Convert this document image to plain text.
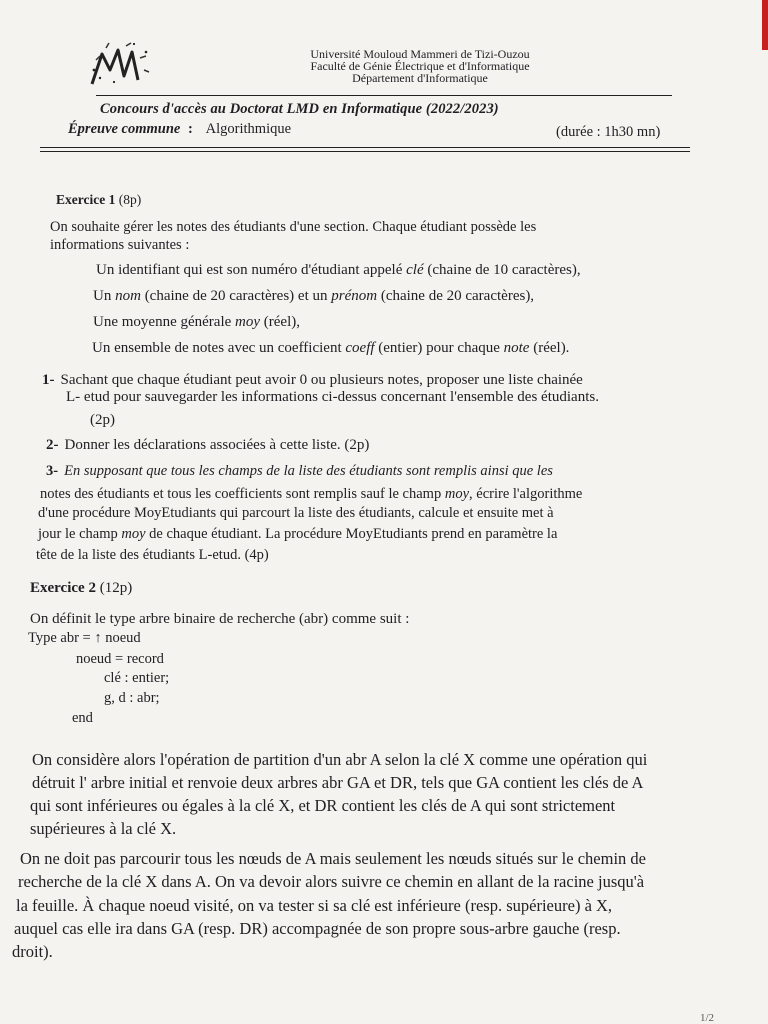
Université Mouloud Mammeri de Tizi-Ouzou
Faculté de Génie Électrique et d'Informatique
Département d'Informatique
Concours d'accès au Doctorat LMD en Informatique (2022/2023)
Épreuve commune : Algorithmique	(durée : 1h30 mn)
Exercice 1 (8p)
On souhaite gérer les notes des étudiants d'une section. Chaque étudiant possède les
informations suivantes :
Un identifiant qui est son numéro d'étudiant appelé clé (chaine de 10 caractères),
Un nom (chaine de 20 caractères) et un prénom (chaine de 20 caractères),
Une moyenne générale moy (réel),
Un ensemble de notes avec un coefficient coeff (entier) pour chaque note (réel).
1- Sachant que chaque étudiant peut avoir 0 ou plusieurs notes, proposer une liste chainée
L- etud pour sauvegarder les informations ci-dessus concernant l'ensemble des étudiants.
(2p)
2- Donner les déclarations associées à cette liste. (2p)
3- En supposant que tous les champs de la liste des étudiants sont remplis ainsi que les
notes des étudiants et tous les coefficients sont remplis sauf le champ moy, écrire l'algorithme
d'une procédure MoyEtudiants qui parcourt la liste des étudiants, calcule et ensuite met à
jour le champ moy de chaque étudiant. La procédure MoyEtudiants prend en paramètre la
tête de la liste des étudiants L-etud. (4p)
Exercice 2 (12p)
On définit le type arbre binaire de recherche (abr) comme suit :
Type abr = ↑ noeud
noeud = record
clé : entier;
g, d : abr;
end
On considère alors l'opération de partition d'un abr A selon la clé X comme une opération qui
détruit l' arbre initial et renvoie deux arbres abr GA et DR, tels que GA contient les clés de A
qui sont inférieures ou égales à la clé X, et DR contient les clés de A qui sont strictement
supérieures à la clé X.
On ne doit pas parcourir tous les nœuds de A mais seulement les nœuds situés sur le chemin de
recherche de la clé X dans A. On va devoir alors suivre ce chemin en allant de la racine jusqu'à
la feuille. À chaque noeud visité, on va tester si sa clé est inférieure (resp. supérieure) à X,
auquel cas elle ira dans GA (resp. DR) accompagnée de son propre sous-arbre gauche (resp.
droit).
1/2
